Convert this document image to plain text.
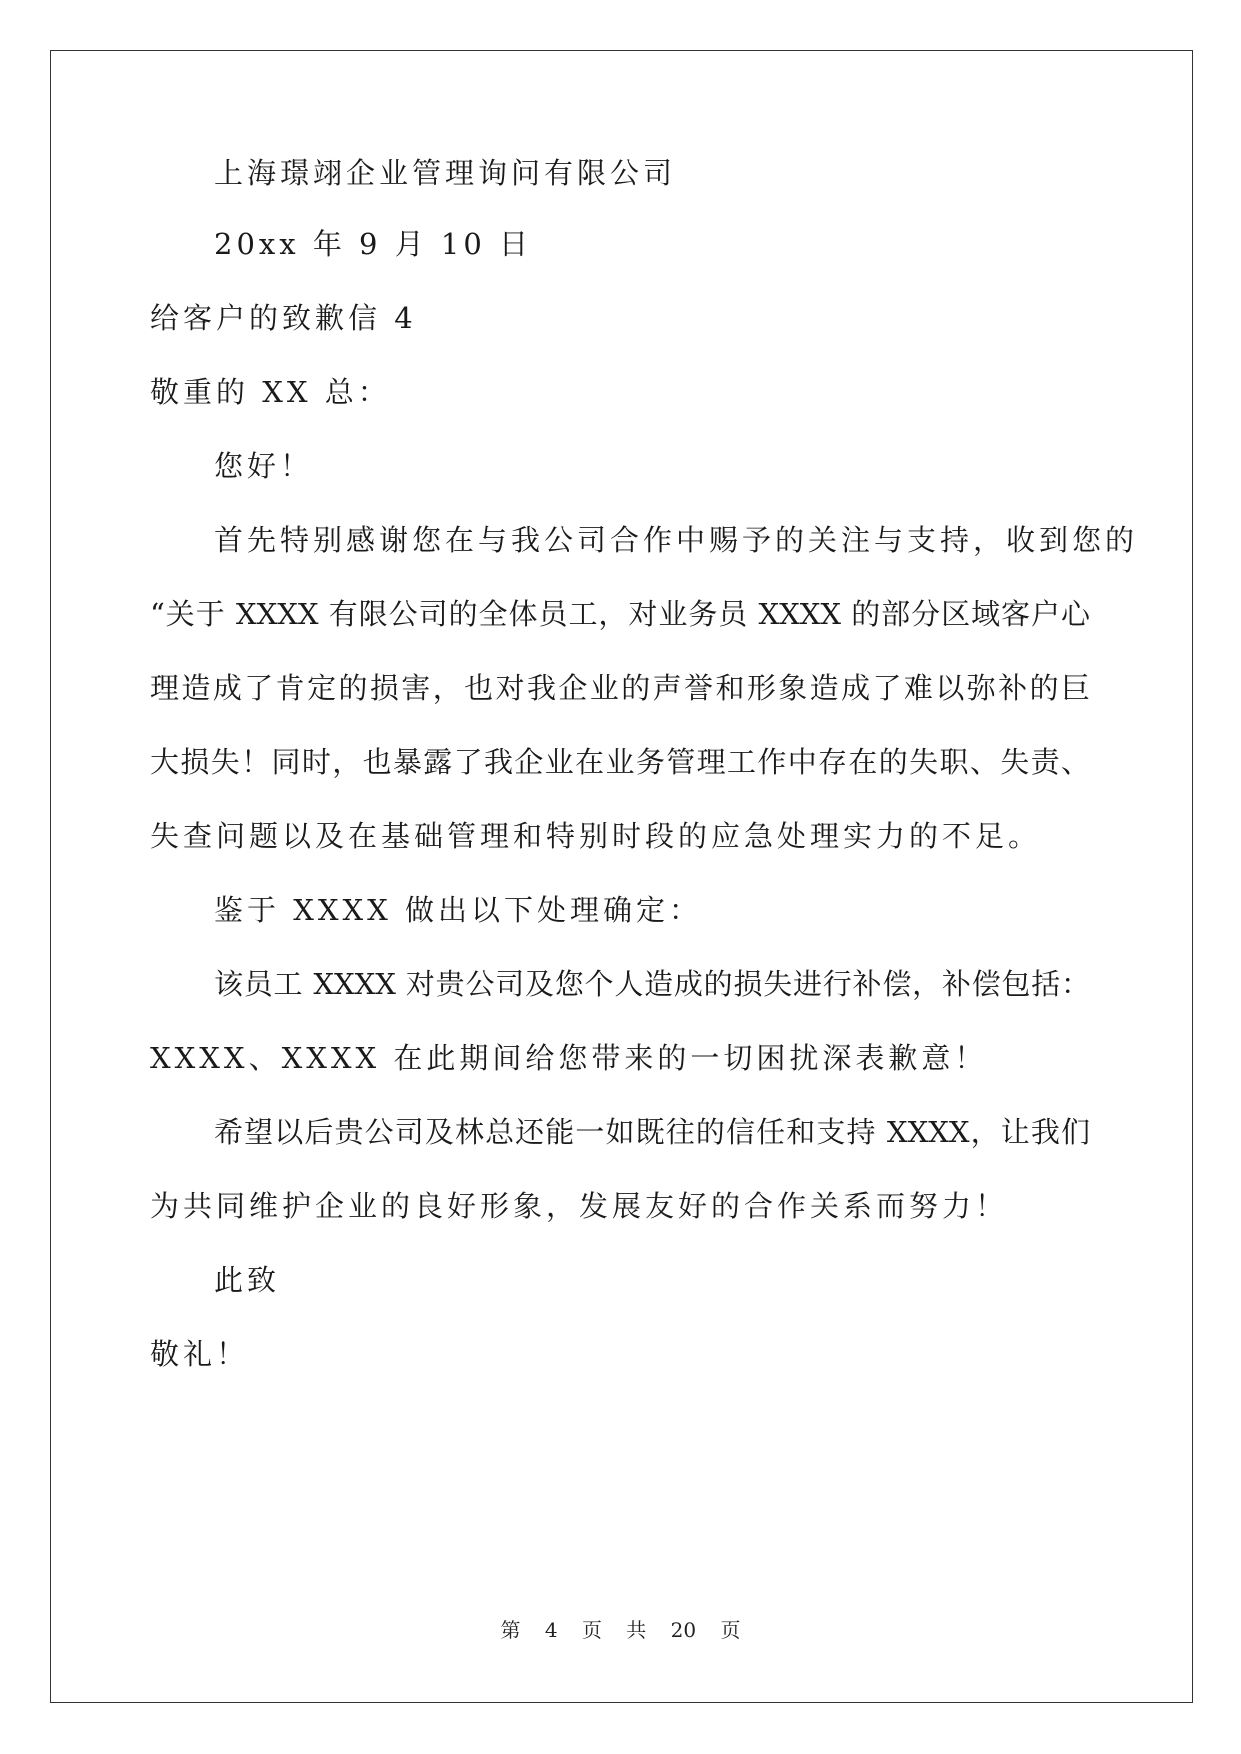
上海璟翊企业管理询问有限公司
20xx 年 9 月 10 日
给客户的致歉信 4
敬重的 XX 总：
您好！
首先特别感谢您在与我公司合作中赐予的关注与支持，收到您的
“关于 XXXX 有限公司的全体员工，对业务员 XXXX 的部分区域客户心
理造成了肯定的损害，也对我企业的声誉和形象造成了难以弥补的巨
大损失！同时，也暴露了我企业在业务管理工作中存在的失职、失责、
失查问题以及在基础管理和特别时段的应急处理实力的不足。
鉴于 XXXX 做出以下处理确定：
该员工 XXXX 对贵公司及您个人造成的损失进行补偿，补偿包括：
XXXX、XXXX 在此期间给您带来的一切困扰深表歉意！
希望以后贵公司及林总还能一如既往的信任和支持 XXXX，让我们
为共同维护企业的良好形象，发展友好的合作关系而努力！
此致
敬礼！
第 4 页 共 20 页
